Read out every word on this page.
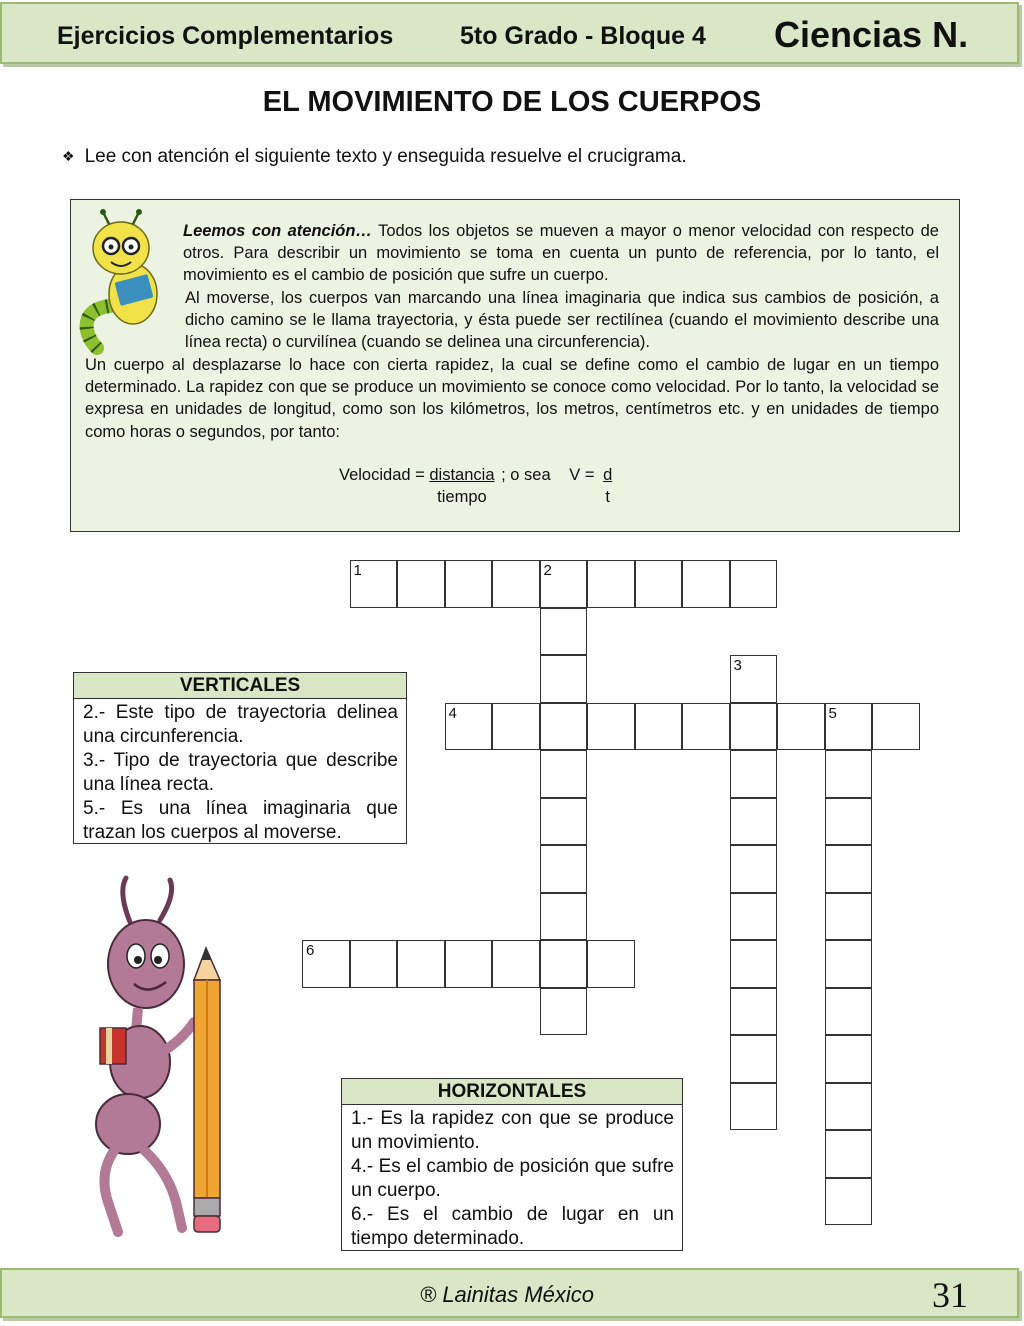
Ejercicios Complementarios	5to Grado - Bloque 4 Ciencias N.
EL MOVIMIENTO DE LOS CUERPOS
❖ Lee con atención el siguiente texto y enseguida resuelve el crucigrama.

Leemos con atención… Todos los objetos se mueven a mayor o menor velocidad con respecto de otros. Para describir un movimiento se toma en cuenta un punto de referencia, por lo tanto, el movimiento es el cambio de posición que sufre un cuerpo.

Al moverse, los cuerpos van marcando una línea imaginaria que indica sus cambios de posición, a dicho camino se le llama trayectoria, y ésta puede ser rectilínea (cuando el movimiento describe una línea recta) o curvilínea (cuando se delinea una circunferencia).

Un cuerpo al desplazarse lo hace con cierta rapidez, la cual se define como el cambio de lugar en un tiempo determinado. La rapidez con que se produce un movimiento se conoce como velocidad. Por lo tanto, la velocidad se expresa en unidades de longitud, como son los kilómetros, los metros, centímetros etc. y en unidades de tiempo como horas o segundos, por tanto:

Velocidad = $\frac{\text{distancia}}{\text{tiempo}}$ ; o sea $V = \frac{d}{t}$
1	2
3
4	5
6
VERTICALES
2.- Este tipo de trayectoria delinea una circunferencia.
3.- Tipo de trayectoria que describe una línea recta.
5.- Es una línea imaginaria que trazan los cuerpos al moverse.
HORIZONTALES
1.- Es la rapidez con que se produce un movimiento.
4.- Es el cambio de posición que sufre un cuerpo.
6.- Es el cambio de lugar en un tiempo determinado.
® Lainitas México	31
